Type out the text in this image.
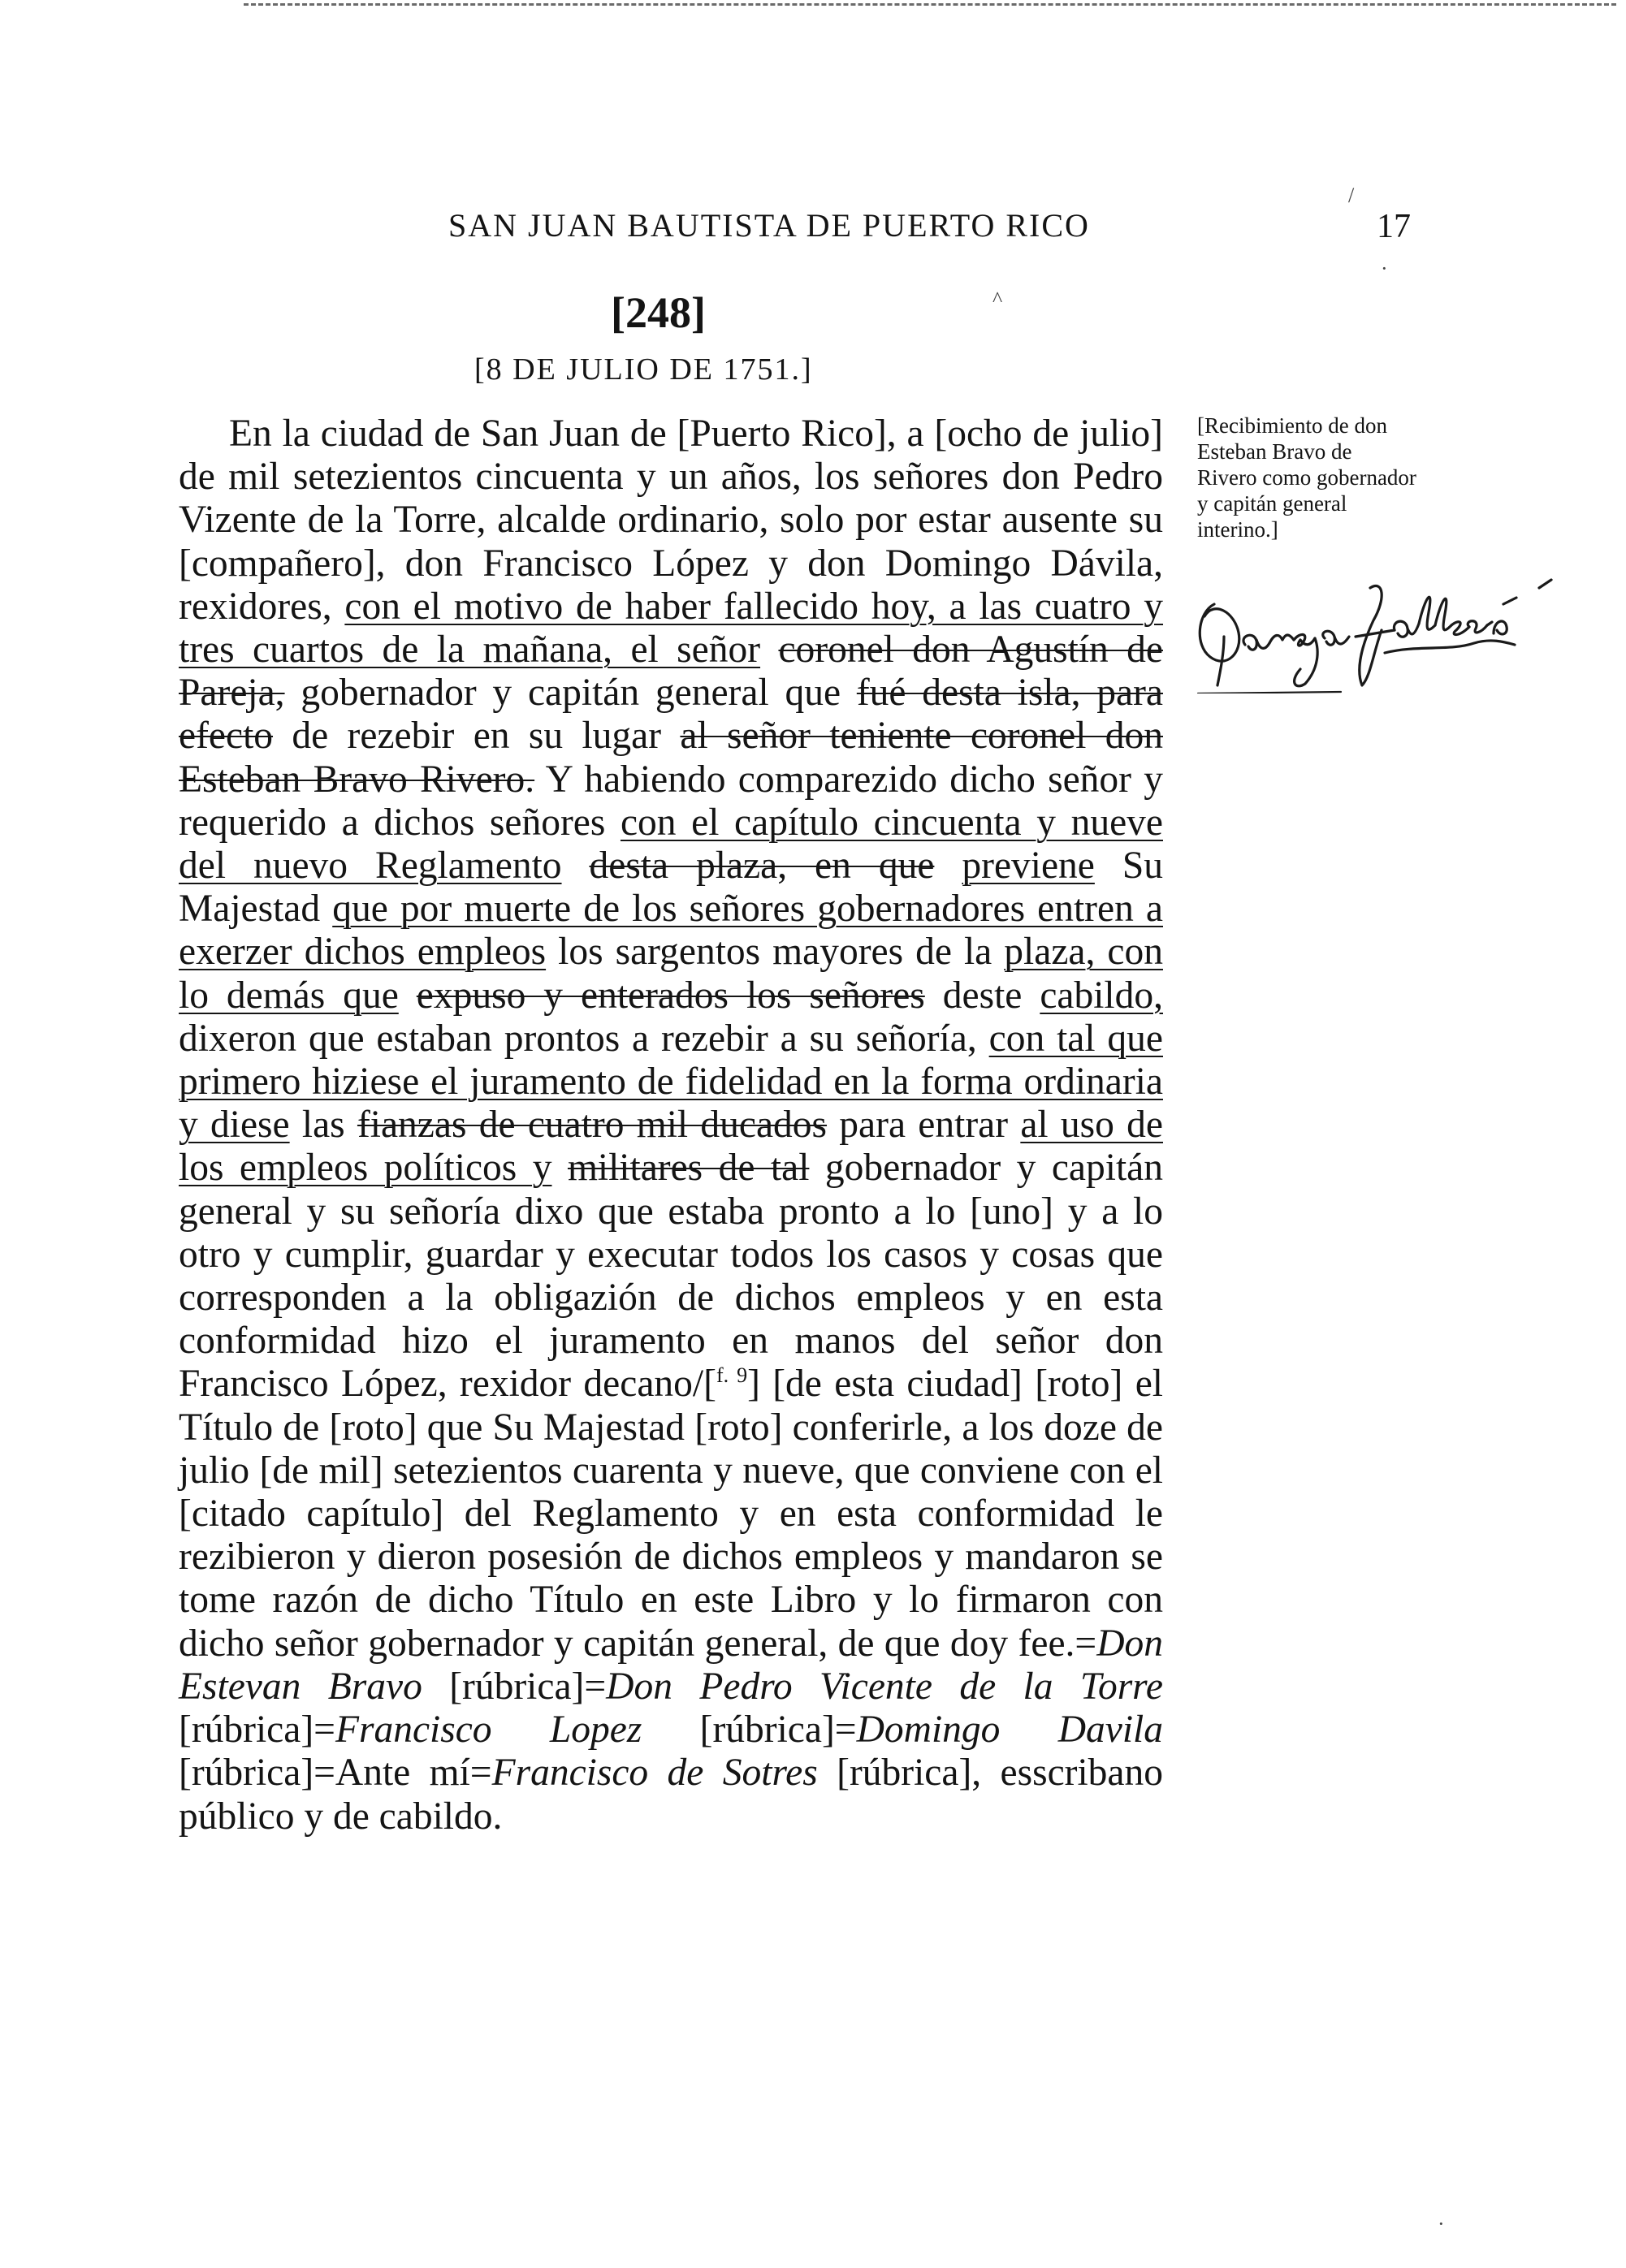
SAN JUAN BAUTISTA DE PUERTO RICO	17
[248]
[8 DE JULIO DE 1751.]

En la ciudad de San Juan de [Puerto Rico], a [ocho de julio] de mil setezientos cincuenta y un años, los señores don Pedro Vizente de la Torre, alcalde ordinario, solo por estar ausente su [compañero], don Francisco López y don Domingo Dávila, rexidores, con el motivo de haber fallecido hoy, a las cuatro y tres cuartos de la mañana, el señor coronel don Agustín de Pareja, gobernador y capitán general que fué desta isla, para efecto de rezebir en su lugar al señor teniente coronel don Esteban Bravo Rivero. Y habiendo comparezido dicho señor y requerido a dichos señores con el capítulo cincuenta y nueve del nuevo Reglamento desta plaza, en que previene Su Majestad que por muerte de los señores gobernadores entren a exerzer dichos empleos los sargentos mayores de la plaza, con lo demás que expuso y enterados los señores deste cabildo, dixeron que estaban prontos a rezebir a su señoría, con tal que primero hiziese el juramento de fidelidad en la forma ordinaria y diese las fianzas de cuatro mil ducados para entrar al uso de los empleos políticos y militares de tal gobernador y capitán general y su señoría dixo que estaba pronto a lo [uno] y a lo otro y cumplir, guardar y executar todos los casos y cosas que corresponden a la obligazión de dichos empleos y en esta conformidad hizo el juramento en manos del señor don Francisco López, rexidor decano/[$^{f. 9}$] [de esta ciudad] [roto] el Título de [roto] que Su Majestad [roto] conferirle, a los doze de julio [de mil] setezientos cuarenta y nueve, que conviene con el [citado capítulo] del Reglamento y en esta conformidad le rezibieron y dieron posesión de dichos empleos y mandaron se tome razón de dicho Título en este Libro y lo firmaron con dicho señor gobernador y capitán general, de que doy fee.=Don Estevan Bravo [rúbrica]=Don Pedro Vicente de la Torre [rúbrica]=Francisco Lopez [rúbrica]=Domingo Davila [rúbrica]=Ante mí=Francisco de Sotres [rúbrica], esscribano público y de cabildo.

[Recibimiento de don Esteban Bravo de Rivero como gobernador y capitán general interino.]

^
/
·
·
